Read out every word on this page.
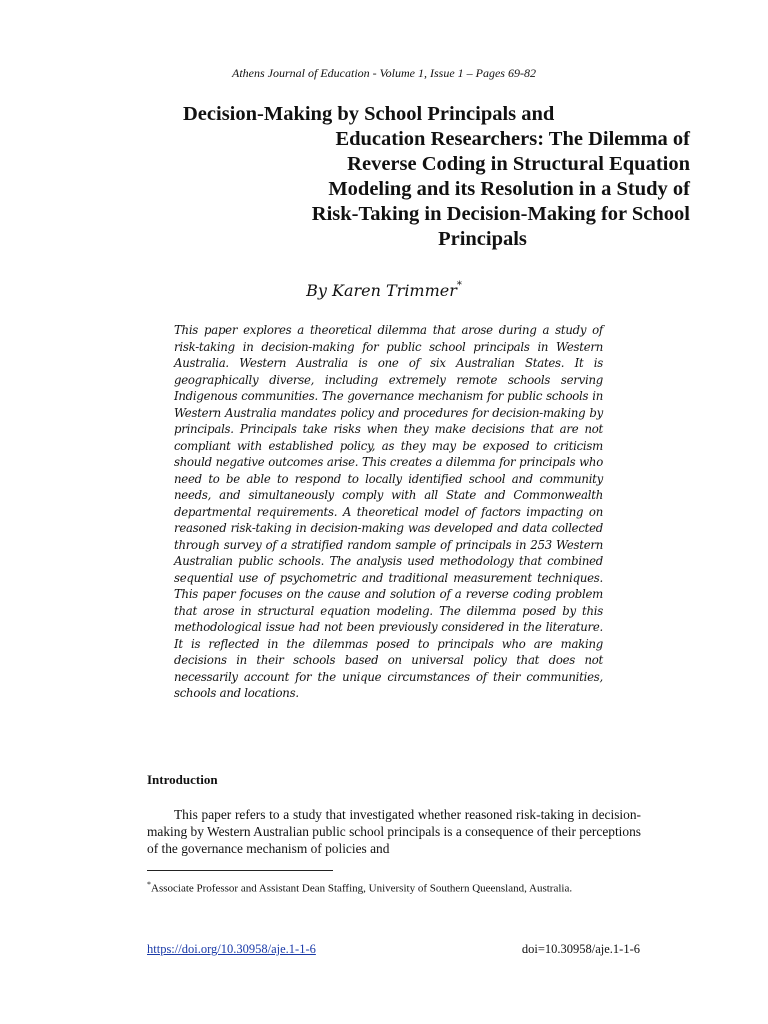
Athens Journal of Education - Volume 1, Issue 1 – Pages 69-82
Decision-Making by School Principals and
Education Researchers: The Dilemma of
Reverse Coding in Structural Equation
Modeling and its Resolution in a Study of
Risk-Taking in Decision-Making for School
Principals
By Karen Trimmer*
This paper explores a theoretical dilemma that arose during a study of risk-taking in decision-making for public school principals in Western Australia. Western Australia is one of six Australian States. It is geographically diverse, including extremely remote schools serving Indigenous communities. The governance mechanism for public schools in Western Australia mandates policy and procedures for decision-making by principals. Principals take risks when they make decisions that are not compliant with established policy, as they may be exposed to criticism should negative outcomes arise. This creates a dilemma for principals who need to be able to respond to locally identified school and community needs, and simultaneously comply with all State and Commonwealth departmental requirements. A theoretical model of factors impacting on reasoned risk-taking in decision-making was developed and data collected through survey of a stratified random sample of principals in 253 Western Australian public schools. The analysis used methodology that combined sequential use of psychometric and traditional measurement techniques. This paper focuses on the cause and solution of a reverse coding problem that arose in structural equation modeling. The dilemma posed by this methodological issue had not been previously considered in the literature. It is reflected in the dilemmas posed to principals who are making decisions in their schools based on universal policy that does not necessarily account for the unique circumstances of their communities, schools and locations.
Introduction
This paper refers to a study that investigated whether reasoned risk-taking in decision-making by Western Australian public school principals is a consequence of their perceptions of the governance mechanism of policies and
*Associate Professor and Assistant Dean Staffing, University of Southern Queensland, Australia.
https://doi.org/10.30958/aje.1-1-6	doi=10.30958/aje.1-1-6
